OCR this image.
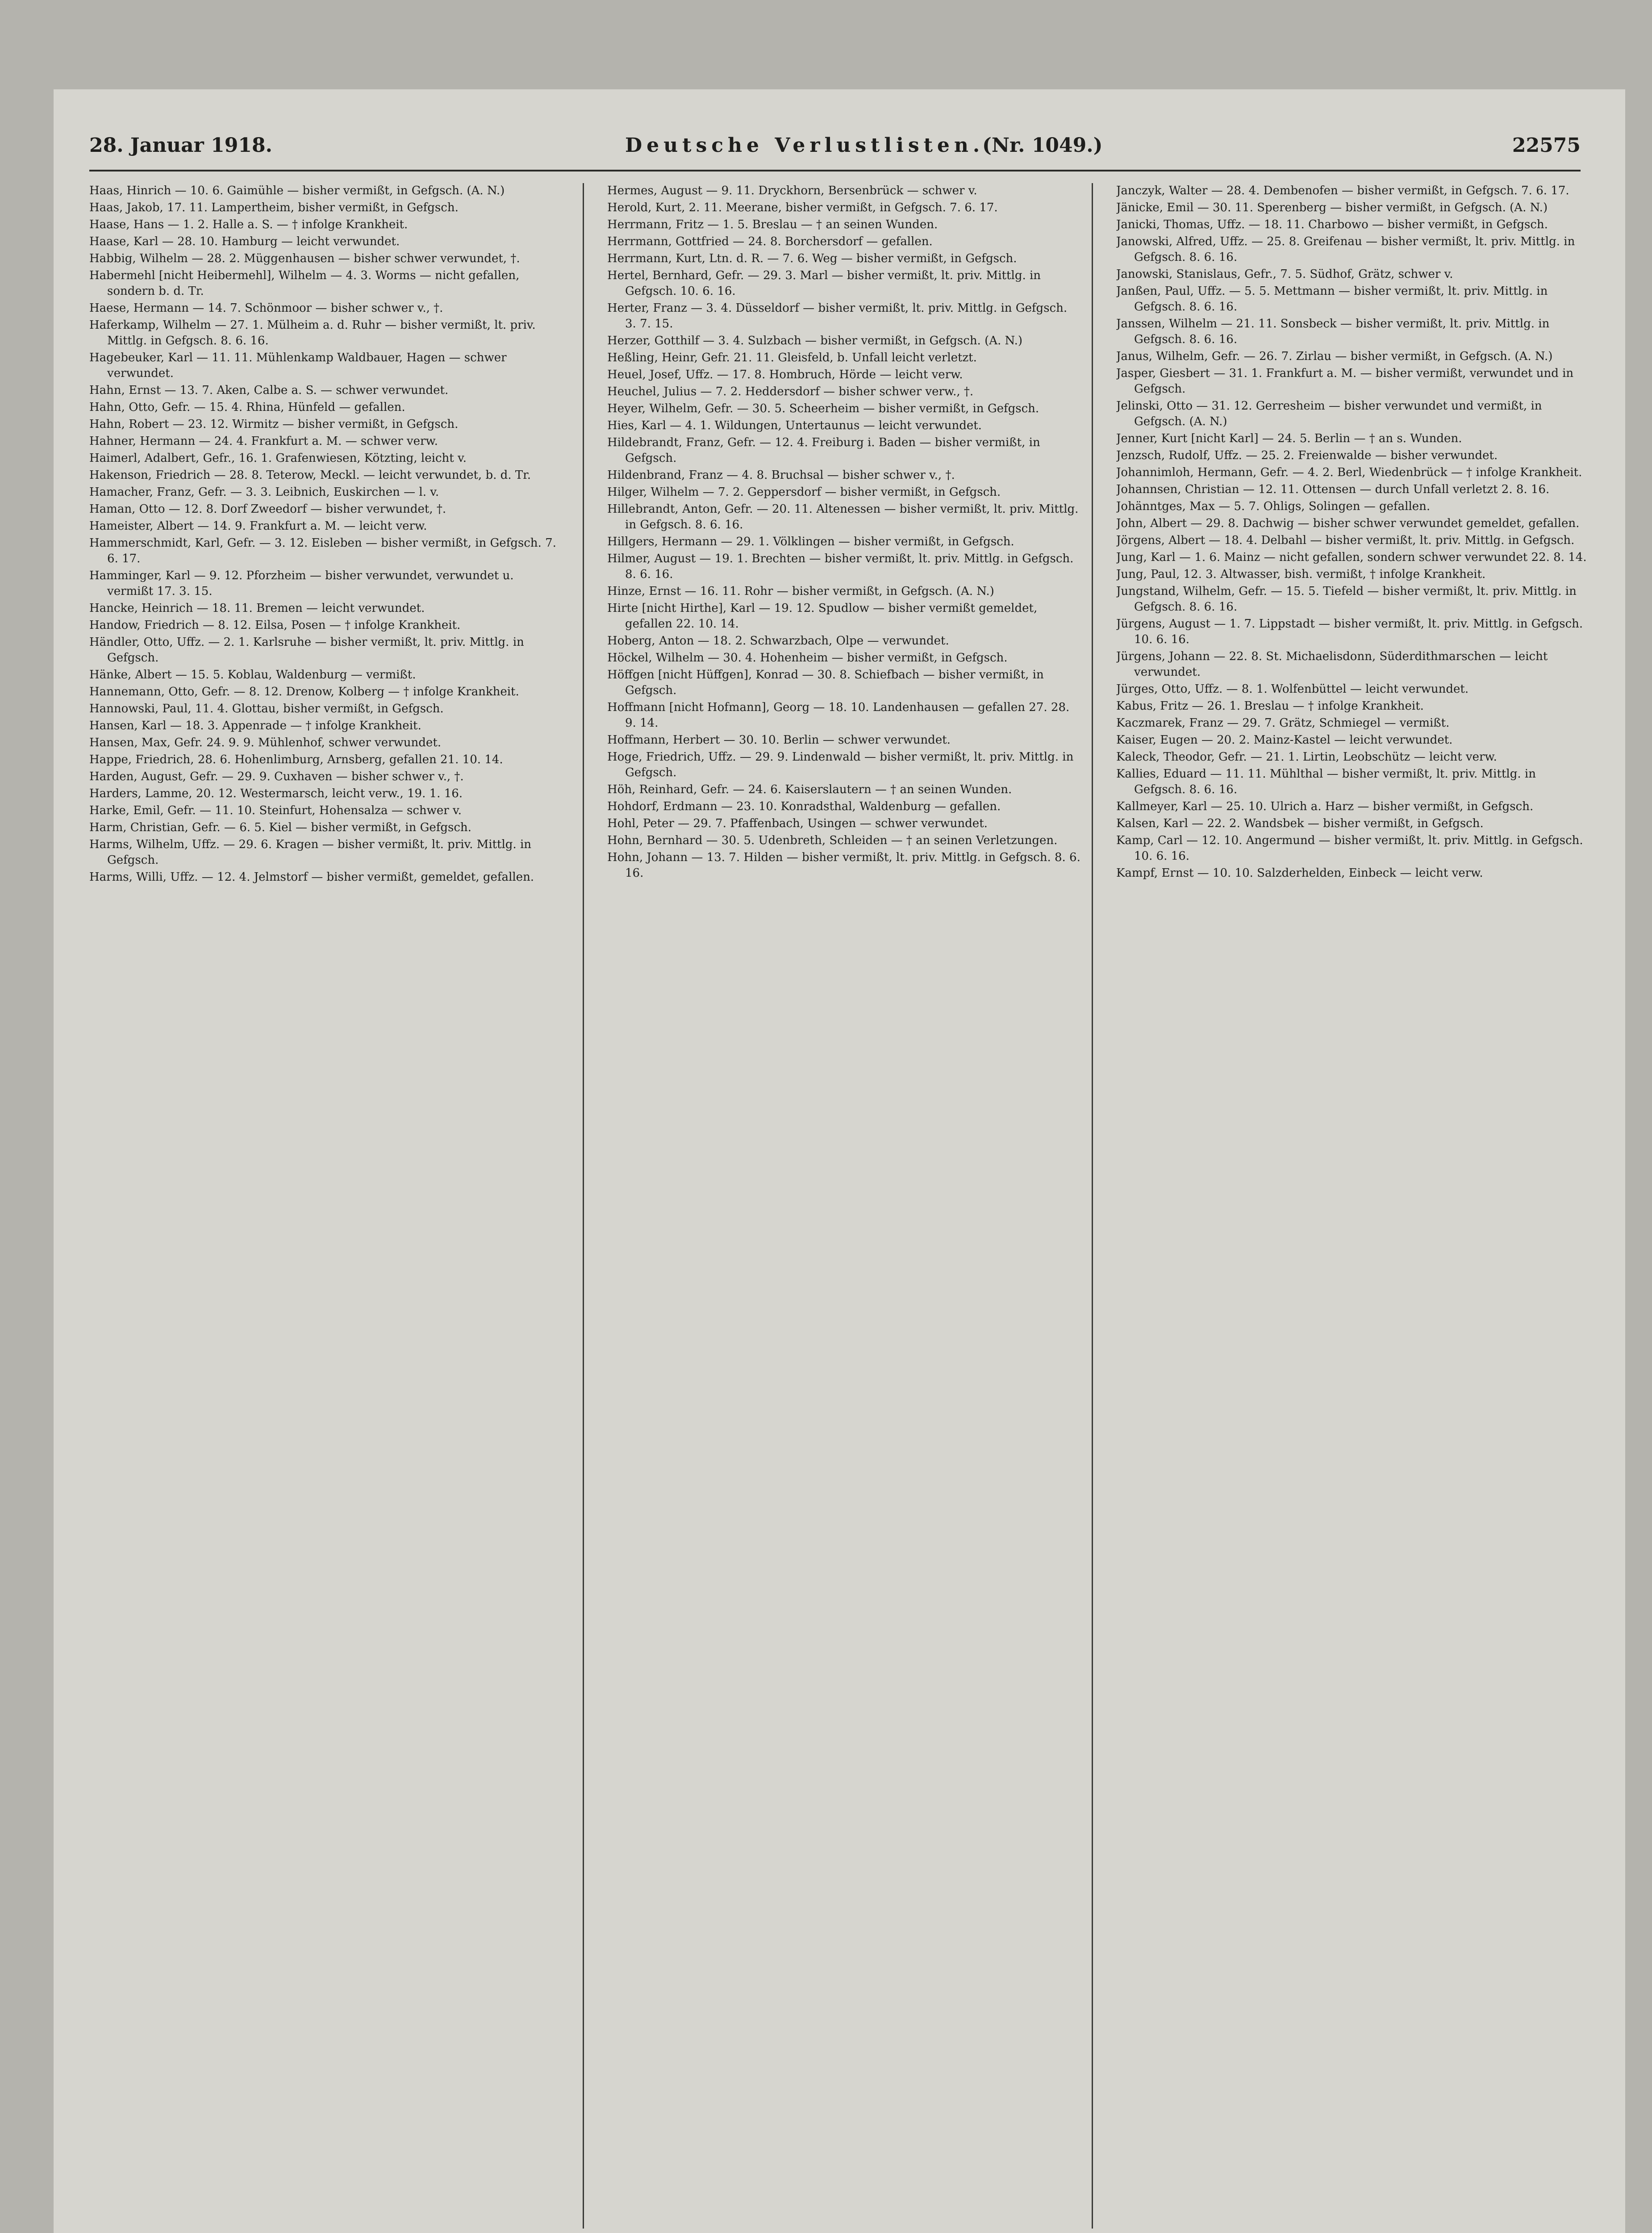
28. Januar 1918.	Deutsche Verlustlisten.
(Nr. 1049.)	22575

Haas, Hinrich — 10. 6. Gaimühle — bisher vermißt, in Gefgsch. (A. N.)

Haas, Jakob, 17. 11. Lampertheim, bisher vermißt, in Gefgsch.

Haase, Hans — 1. 2. Halle a. S. — † infolge Krankheit.

Haase, Karl — 28. 10. Hamburg — leicht verwundet.

Habbig, Wilhelm — 28. 2. Müggenhausen — bisher schwer verwundet, †.

Habermehl [nicht Heibermehl], Wilhelm — 4. 3. Worms — nicht gefallen, sondern b. d. Tr.

Haese, Hermann — 14. 7. Schönmoor — bisher schwer v., †.

Haferkamp, Wilhelm — 27. 1. Mülheim a. d. Ruhr — bisher vermißt, lt. priv. Mittlg. in Gefgsch. 8. 6. 16.

Hagebeuker, Karl — 11. 11. Mühlenkamp Waldbauer, Hagen — schwer verwundet.

Hahn, Ernst — 13. 7. Aken, Calbe a. S. — schwer verwundet.

Hahn, Otto, Gefr. — 15. 4. Rhina, Hünfeld — gefallen.

Hahn, Robert — 23. 12. Wirmitz — bisher vermißt, in Gefgsch.

Hahner, Hermann — 24. 4. Frankfurt a. M. — schwer verw.

Haimerl, Adalbert, Gefr., 16. 1. Grafenwiesen, Kötzting, leicht v.

Hakenson, Friedrich — 28. 8. Teterow, Meckl. — leicht verwundet, b. d. Tr.

Hamacher, Franz, Gefr. — 3. 3. Leibnich, Euskirchen — l. v.

Haman, Otto — 12. 8. Dorf Zweedorf — bisher verwundet, †.

Hameister, Albert — 14. 9. Frankfurt a. M. — leicht verw.

Hammerschmidt, Karl, Gefr. — 3. 12. Eisleben — bisher vermißt, in Gefgsch. 7. 6. 17.

Hamminger, Karl — 9. 12. Pforzheim — bisher verwundet, verwundet u. vermißt 17. 3. 15.

Hancke, Heinrich — 18. 11. Bremen — leicht verwundet.

Handow, Friedrich — 8. 12. Eilsa, Posen — † infolge Krankheit.

Händler, Otto, Uffz. — 2. 1. Karlsruhe — bisher vermißt, lt. priv. Mittlg. in Gefgsch.

Hänke, Albert — 15. 5. Koblau, Waldenburg — vermißt.

Hannemann, Otto, Gefr. — 8. 12. Drenow, Kolberg — † infolge Krankheit.

Hannowski, Paul, 11. 4. Glottau, bisher vermißt, in Gefgsch.

Hansen, Karl — 18. 3. Appenrade — † infolge Krankheit.

Hansen, Max, Gefr. 24. 9. 9. Mühlenhof, schwer verwundet.

Happe, Friedrich, 28. 6. Hohenlimburg, Arnsberg, gefallen 21. 10. 14.

Harden, August, Gefr. — 29. 9. Cuxhaven — bisher schwer v., †.

Harders, Lamme, 20. 12. Westermarsch, leicht verw., 19. 1. 16.

Harke, Emil, Gefr. — 11. 10. Steinfurt, Hohensalza — schwer v.

Harm, Christian, Gefr. — 6. 5. Kiel — bisher vermißt, in Gefgsch.

Harms, Wilhelm, Uffz. — 29. 6. Kragen — bisher vermißt, lt. priv. Mittlg. in Gefgsch.

Harms, Willi, Uffz. — 12. 4. Jelmstorf — bisher vermißt, gemeldet, gefallen.

Hermes, August — 9. 11. Dryckhorn, Bersenbrück — schwer v.

Herold, Kurt, 2. 11. Meerane, bisher vermißt, in Gefgsch. 7. 6. 17.

Herrmann, Fritz — 1. 5. Breslau — † an seinen Wunden.

Herrmann, Gottfried — 24. 8. Borchersdorf — gefallen.

Herrmann, Kurt, Ltn. d. R. — 7. 6. Weg — bisher vermißt, in Gefgsch.

Hertel, Bernhard, Gefr. — 29. 3. Marl — bisher vermißt, lt. priv. Mittlg. in Gefgsch. 10. 6. 16.

Herter, Franz — 3. 4. Düsseldorf — bisher vermißt, lt. priv. Mittlg. in Gefgsch. 3. 7. 15.

Herzer, Gotthilf — 3. 4. Sulzbach — bisher vermißt, in Gefgsch. (A. N.)

Heßling, Heinr, Gefr. 21. 11. Gleisfeld, b. Unfall leicht verletzt.

Heuel, Josef, Uffz. — 17. 8. Hombruch, Hörde — leicht verw.

Heuchel, Julius — 7. 2. Heddersdorf — bisher schwer verw., †.

Heyer, Wilhelm, Gefr. — 30. 5. Scheerheim — bisher vermißt, in Gefgsch.

Hies, Karl — 4. 1. Wildungen, Untertaunus — leicht verwundet.

Hildebrandt, Franz, Gefr. — 12. 4. Freiburg i. Baden — bisher vermißt, in Gefgsch.

Hildenbrand, Franz — 4. 8. Bruchsal — bisher schwer v., †.

Hilger, Wilhelm — 7. 2. Geppersdorf — bisher vermißt, in Gefgsch.

Hillebrandt, Anton, Gefr. — 20. 11. Altenessen — bisher vermißt, lt. priv. Mittlg. in Gefgsch. 8. 6. 16.

Hillgers, Hermann — 29. 1. Völklingen — bisher vermißt, in Gefgsch.

Hilmer, August — 19. 1. Brechten — bisher vermißt, lt. priv. Mittlg. in Gefgsch. 8. 6. 16.

Hinze, Ernst — 16. 11. Rohr — bisher vermißt, in Gefgsch. (A. N.)

Hirte [nicht Hirthe], Karl — 19. 12. Spudlow — bisher vermißt gemeldet, gefallen 22. 10. 14.

Hoberg, Anton — 18. 2. Schwarzbach, Olpe — verwundet.

Höckel, Wilhelm — 30. 4. Hohenheim — bisher vermißt, in Gefgsch.

Höffgen [nicht Hüffgen], Konrad — 30. 8. Schiefbach — bisher vermißt, in Gefgsch.

Hoffmann [nicht Hofmann], Georg — 18. 10. Landenhausen — gefallen 27. 28. 9. 14.

Hoffmann, Herbert — 30. 10. Berlin — schwer verwundet.

Hoge, Friedrich, Uffz. — 29. 9. Lindenwald — bisher vermißt, lt. priv. Mittlg. in Gefgsch.

Höh, Reinhard, Gefr. — 24. 6. Kaiserslautern — † an seinen Wunden.

Hohdorf, Erdmann — 23. 10. Konradsthal, Waldenburg — gefallen.

Hohl, Peter — 29. 7. Pfaffenbach, Usingen — schwer verwundet.

Hohn, Bernhard — 30. 5. Udenbreth, Schleiden — † an seinen Verletzungen.

Hohn, Johann — 13. 7. Hilden — bisher vermißt, lt. priv. Mittlg. in Gefgsch. 8. 6. 16.

Janczyk, Walter — 28. 4. Dembenofen — bisher vermißt, in Gefgsch. 7. 6. 17.

Jänicke, Emil — 30. 11. Sperenberg — bisher vermißt, in Gefgsch. (A. N.)

Janicki, Thomas, Uffz. — 18. 11. Charbowo — bisher vermißt, in Gefgsch.

Janowski, Alfred, Uffz. — 25. 8. Greifenau — bisher vermißt, lt. priv. Mittlg. in Gefgsch. 8. 6. 16.

Janowski, Stanislaus, Gefr., 7. 5. Südhof, Grätz, schwer v.

Janßen, Paul, Uffz. — 5. 5. Mettmann — bisher vermißt, lt. priv. Mittlg. in Gefgsch. 8. 6. 16.

Janssen, Wilhelm — 21. 11. Sonsbeck — bisher vermißt, lt. priv. Mittlg. in Gefgsch. 8. 6. 16.

Janus, Wilhelm, Gefr. — 26. 7. Zirlau — bisher vermißt, in Gefgsch. (A. N.)

Jasper, Giesbert — 31. 1. Frankfurt a. M. — bisher vermißt, verwundet und in Gefgsch.

Jelinski, Otto — 31. 12. Gerresheim — bisher verwundet und vermißt, in Gefgsch. (A. N.)

Jenner, Kurt [nicht Karl] — 24. 5. Berlin — † an s. Wunden.

Jenzsch, Rudolf, Uffz. — 25. 2. Freienwalde — bisher verwundet.

Johannimloh, Hermann, Gefr. — 4. 2. Berl, Wiedenbrück — † infolge Krankheit.

Johannsen, Christian — 12. 11. Ottensen — durch Unfall verletzt 2. 8. 16.

Johänntges, Max — 5. 7. Ohligs, Solingen — gefallen.

John, Albert — 29. 8. Dachwig — bisher schwer verwundet gemeldet, gefallen.

Jörgens, Albert — 18. 4. Delbahl — bisher vermißt, lt. priv. Mittlg. in Gefgsch.

Jung, Karl — 1. 6. Mainz — nicht gefallen, sondern schwer verwundet 22. 8. 14.

Jung, Paul, 12. 3. Altwasser, bish. vermißt, † infolge Krankheit.

Jungstand, Wilhelm, Gefr. — 15. 5. Tiefeld — bisher vermißt, lt. priv. Mittlg. in Gefgsch. 8. 6. 16.

Jürgens, August — 1. 7. Lippstadt — bisher vermißt, lt. priv. Mittlg. in Gefgsch. 10. 6. 16.

Jürgens, Johann — 22. 8. St. Michaelisdonn, Süderdithmarschen — leicht verwundet.

Jürges, Otto, Uffz. — 8. 1. Wolfenbüttel — leicht verwundet.

Kabus, Fritz — 26. 1. Breslau — † infolge Krankheit.

Kaczmarek, Franz — 29. 7. Grätz, Schmiegel — vermißt.

Kaiser, Eugen — 20. 2. Mainz-Kastel — leicht verwundet.

Kaleck, Theodor, Gefr. — 21. 1. Lirtin, Leobschütz — leicht verw.

Kallies, Eduard — 11. 11. Mühlthal — bisher vermißt, lt. priv. Mittlg. in Gefgsch. 8. 6. 16.

Kallmeyer, Karl — 25. 10. Ulrich a. Harz — bisher vermißt, in Gefgsch.

Kalsen, Karl — 22. 2. Wandsbek — bisher vermißt, in Gefgsch.

Kamp, Carl — 12. 10. Angermund — bisher vermißt, lt. priv. Mittlg. in Gefgsch. 10. 6. 16.

Kampf, Ernst — 10. 10. Salzderhelden, Einbeck — leicht verw.
